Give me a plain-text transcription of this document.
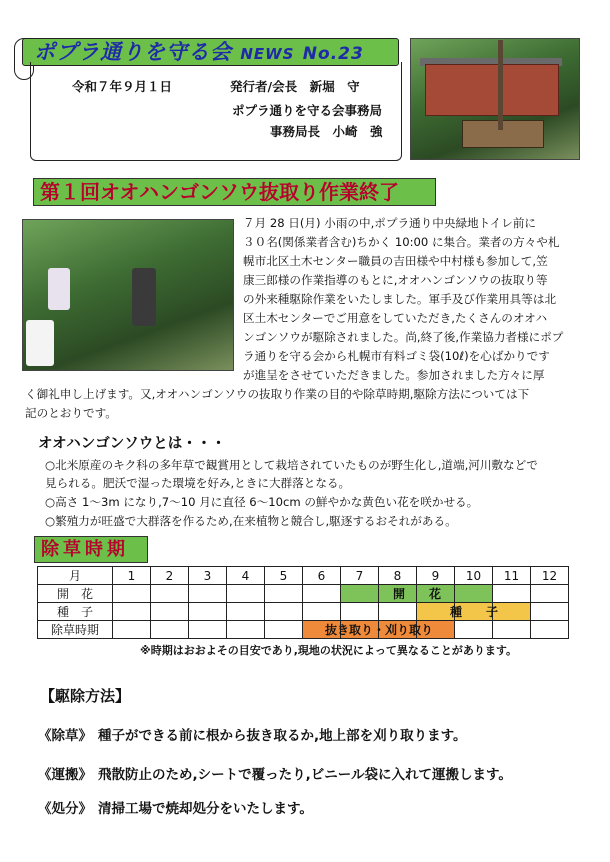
ポプラ通りを守る会 NEWS No.23
令和７年９月１日	発行者/会長　新堀　守
ポプラ通りを守る会事務局
事務局長　小崎　強
第１回オオハンゴンソウ抜取り作業終了
７月 28 日(月) 小雨の中,ポプラ通り中央緑地トイレ前に
３０名(関係業者含む)ちかく 10:00 に集合。業者の方々や札
幌市北区土木センター職員の吉田様や中村様も参加して,笠
康三郎様の作業指導のもとに,オオハンゴンソウの抜取り等
の外来種駆除作業をいたしました。軍手及び作業用具等は北
区土木センターでご用意をしていただき,たくさんのオオハ
ンゴンソウが駆除されました。尚,終了後,作業協力者様にポプ
ラ通りを守る会から札幌市有料ゴミ袋(10ℓ)を心ばかりです
が進呈をさせていただきました。参加されました方々に厚
く御礼申し上げます。又,オオハンゴンソウの抜取り作業の目的や除草時期,駆除方法については下
記のとおりです。
オオハンゴンソウとは・・・
○北米原産のキク科の多年草で観賞用として栽培されていたものが野生化し,道端,河川敷などで
見られる。肥沃で湿った環境を好み,ときに大群落となる。
○高さ 1～3m になり,7～10 月に直径 6～10cm の鮮やかな黄色い花を咲かせる。
○繁殖力が旺盛で大群落を作るため,在来植物と競合し,駆逐するおそれがある。
除草時期
月	1	2	3	4	5	6	7	8	9	10	11	12
開　花							開　　花					

種　子									種　　子			

除草時期						抜き取り・刈り取り						

※時期はおおよその目安であり,現地の状況によって異なることがあります。
【駆除方法】
《除草》 種子ができる前に根から抜き取るか,地上部を刈り取ります。
《運搬》 飛散防止のため,シートで覆ったり,ビニール袋に入れて運搬します。
《処分》 清掃工場で焼却処分をいたします。
